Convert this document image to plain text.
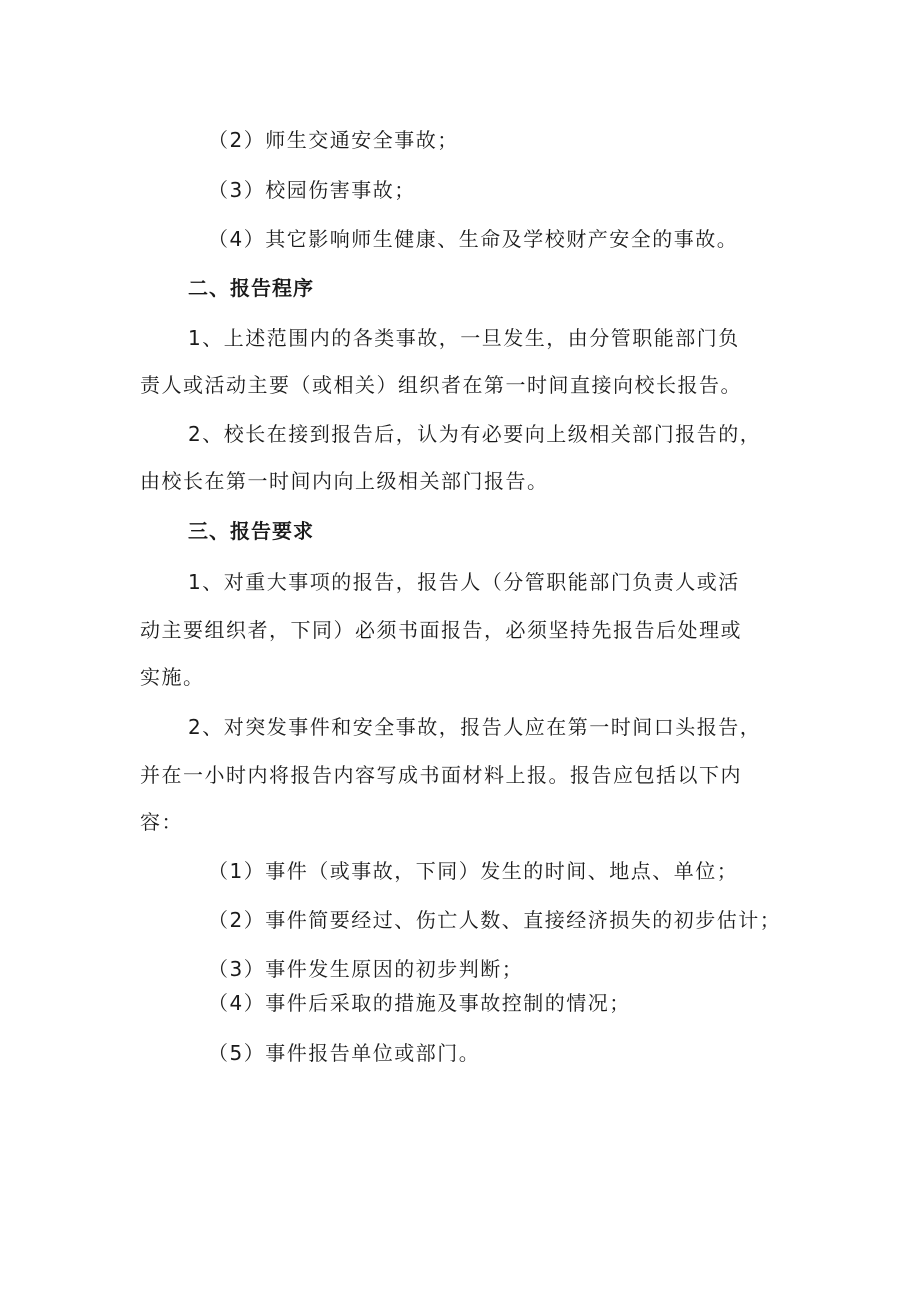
（2）师生交通安全事故；
（3）校园伤害事故；
（4）其它影响师生健康、生命及学校财产安全的事故。
二、报告程序
1、上述范围内的各类事故，一旦发生，由分管职能部门负
责人或活动主要（或相关）组织者在第一时间直接向校长报告。
2、校长在接到报告后，认为有必要向上级相关部门报告的，
由校长在第一时间内向上级相关部门报告。
三、报告要求
1、对重大事项的报告，报告人（分管职能部门负责人或活
动主要组织者，下同）必须书面报告，必须坚持先报告后处理或
实施。
2、对突发事件和安全事故，报告人应在第一时间口头报告，
并在一小时内将报告内容写成书面材料上报。报告应包括以下内
容：
（1）事件（或事故，下同）发生的时间、地点、单位；
（2）事件简要经过、伤亡人数、直接经济损失的初步估计；
（3）事件发生原因的初步判断；
（4）事件后采取的措施及事故控制的情况；
（5）事件报告单位或部门。
